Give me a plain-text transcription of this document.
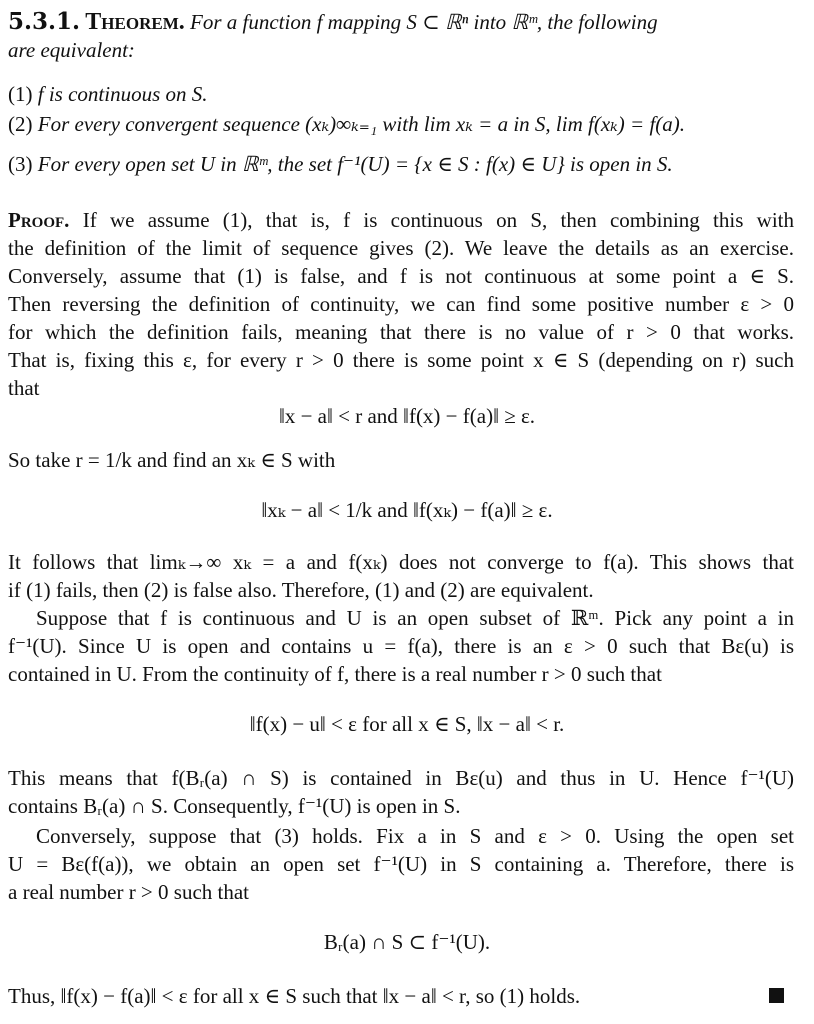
5.3.1. Theorem. For a function f mapping S ⊂ ℝⁿ into ℝᵐ, the following
are equivalent:
(1) f is continuous on S.
(2) For every convergent sequence (xₖ)∞ₖ₌₁ with lim xₖ = a in S, lim f(xₖ) = f(a).
(3) For every open set U in ℝᵐ, the set f⁻¹(U) = {x ∈ S : f(x) ∈ U} is open in S.
Proof. If we assume (1), that is, f is continuous on S, then combining this with
the definition of the limit of sequence gives (2). We leave the details as an exercise.
Conversely, assume that (1) is false, and f is not continuous at some point a ∈ S.
Then reversing the definition of continuity, we can find some positive number ε > 0
for which the definition fails, meaning that there is no value of r > 0 that works.
That is, fixing this ε, for every r > 0 there is some point x ∈ S (depending on r) such
that
‖x − a‖ < r and ‖f(x) − f(a)‖ ≥ ε.
So take r = 1/k and find an xₖ ∈ S with
‖xₖ − a‖ < 1/k and ‖f(xₖ) − f(a)‖ ≥ ε.
It follows that limₖ→∞ xₖ = a and f(xₖ) does not converge to f(a). This shows that
if (1) fails, then (2) is false also. Therefore, (1) and (2) are equivalent.
Suppose that f is continuous and U is an open subset of ℝᵐ. Pick any point a in
f⁻¹(U). Since U is open and contains u = f(a), there is an ε > 0 such that Bε(u) is
contained in U. From the continuity of f, there is a real number r > 0 such that
‖f(x) − u‖ < ε for all x ∈ S, ‖x − a‖ < r.
This means that f(Bᵣ(a) ∩ S) is contained in Bε(u) and thus in U. Hence f⁻¹(U)
contains Bᵣ(a) ∩ S. Consequently, f⁻¹(U) is open in S.
Conversely, suppose that (3) holds. Fix a in S and ε > 0. Using the open set
U = Bε(f(a)), we obtain an open set f⁻¹(U) in S containing a. Therefore, there is
a real number r > 0 such that
Bᵣ(a) ∩ S ⊂ f⁻¹(U).
Thus, ‖f(x) − f(a)‖ < ε for all x ∈ S such that ‖x − a‖ < r, so (1) holds.
